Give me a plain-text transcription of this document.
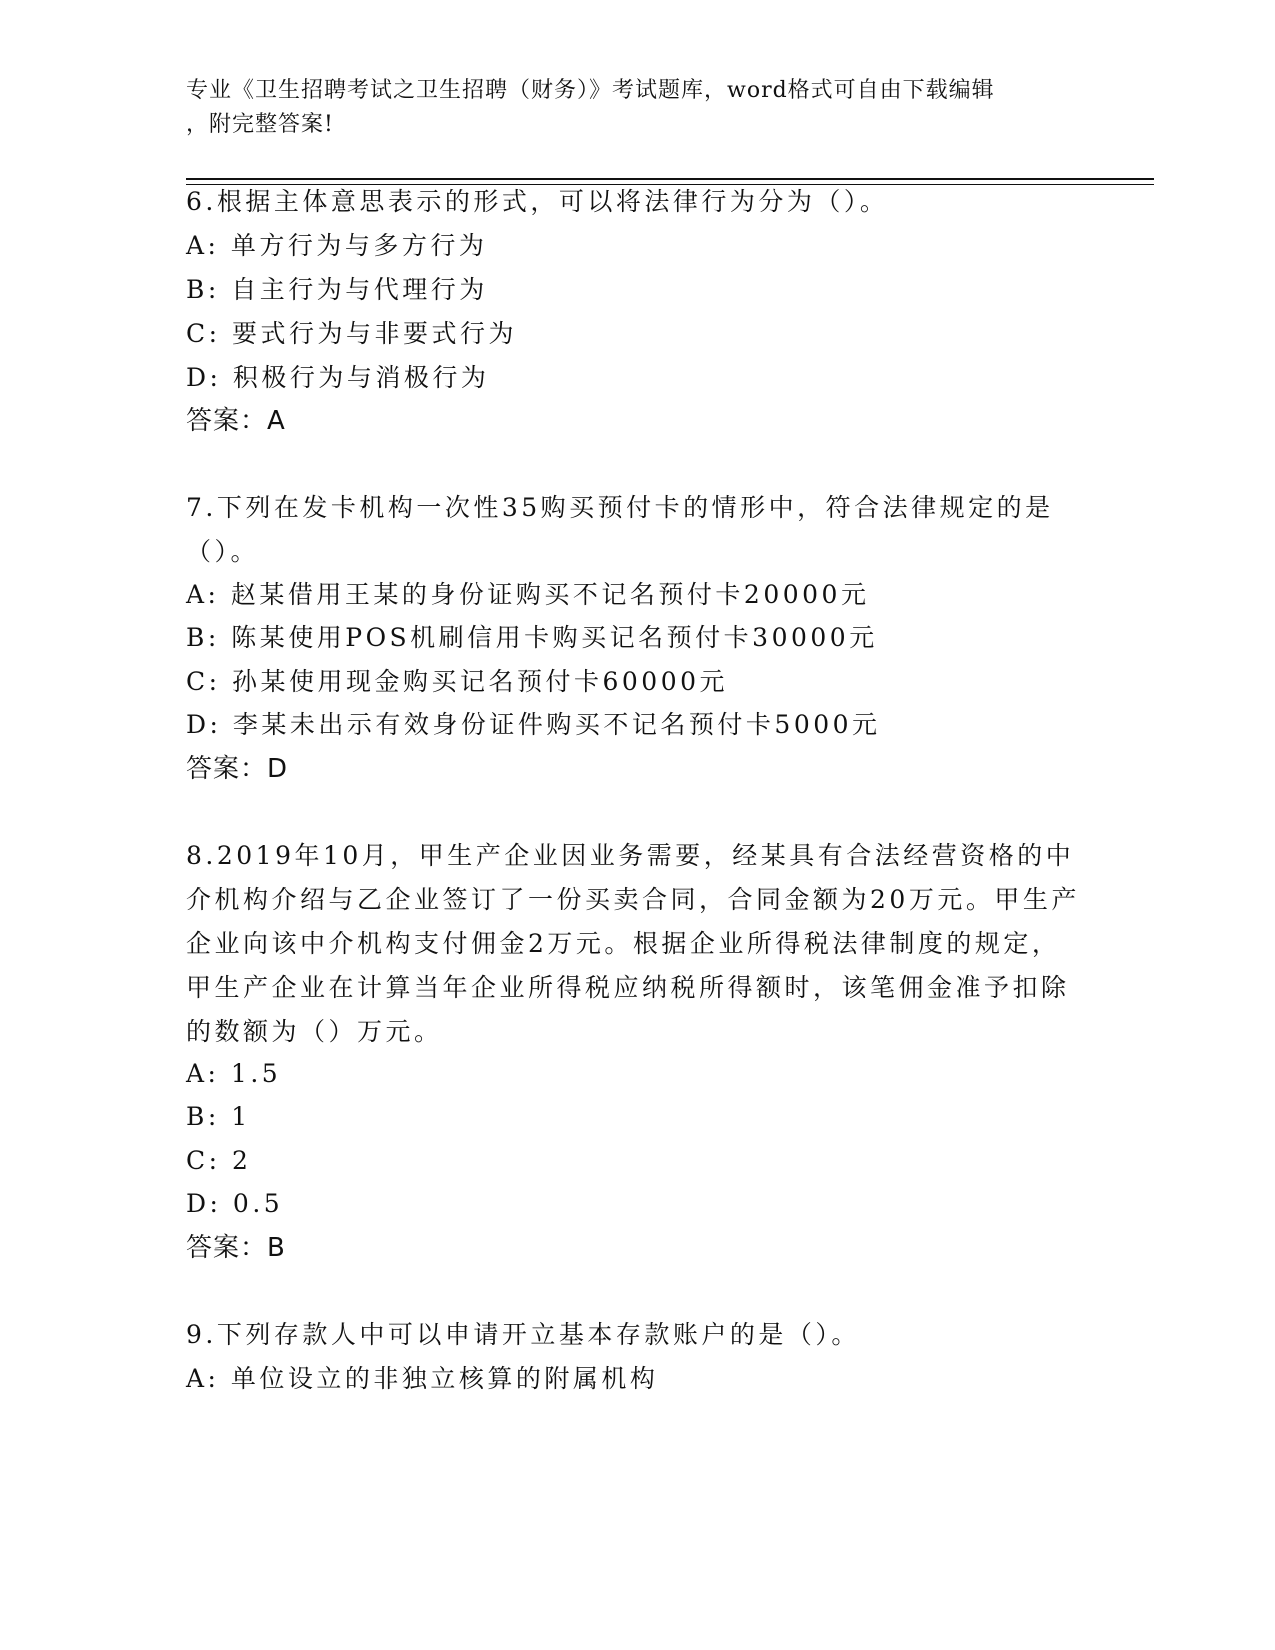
专业《卫生招聘考试之卫生招聘（财务）》考试题库，word格式可自由下载编辑
，附完整答案!
6.根据主体意思表示的形式，可以将法律行为分为（）。
A: 单方行为与多方行为
B: 自主行为与代理行为
C: 要式行为与非要式行为
D: 积极行为与消极行为
答案：A
7.下列在发卡机构一次性35购买预付卡的情形中，符合法律规定的是（）。
A: 赵某借用王某的身份证购买不记名预付卡20000元
B: 陈某使用POS机刷信用卡购买记名预付卡30000元
C: 孙某使用现金购买记名预付卡60000元
D: 李某未出示有效身份证件购买不记名预付卡5000元
答案：D
8.2019年10月，甲生产企业因业务需要，经某具有合法经营资格的中介机构介绍与乙企业签订了一份买卖合同，合同金额为20万元。甲生产企业向该中介机构支付佣金2万元。根据企业所得税法律制度的规定，甲生产企业在计算当年企业所得税应纳税所得额时，该笔佣金准予扣除的数额为（）万元。
A: 1.5
B: 1
C: 2
D: 0.5
答案：B
9.下列存款人中可以申请开立基本存款账户的是（）。
A: 单位设立的非独立核算的附属机构
